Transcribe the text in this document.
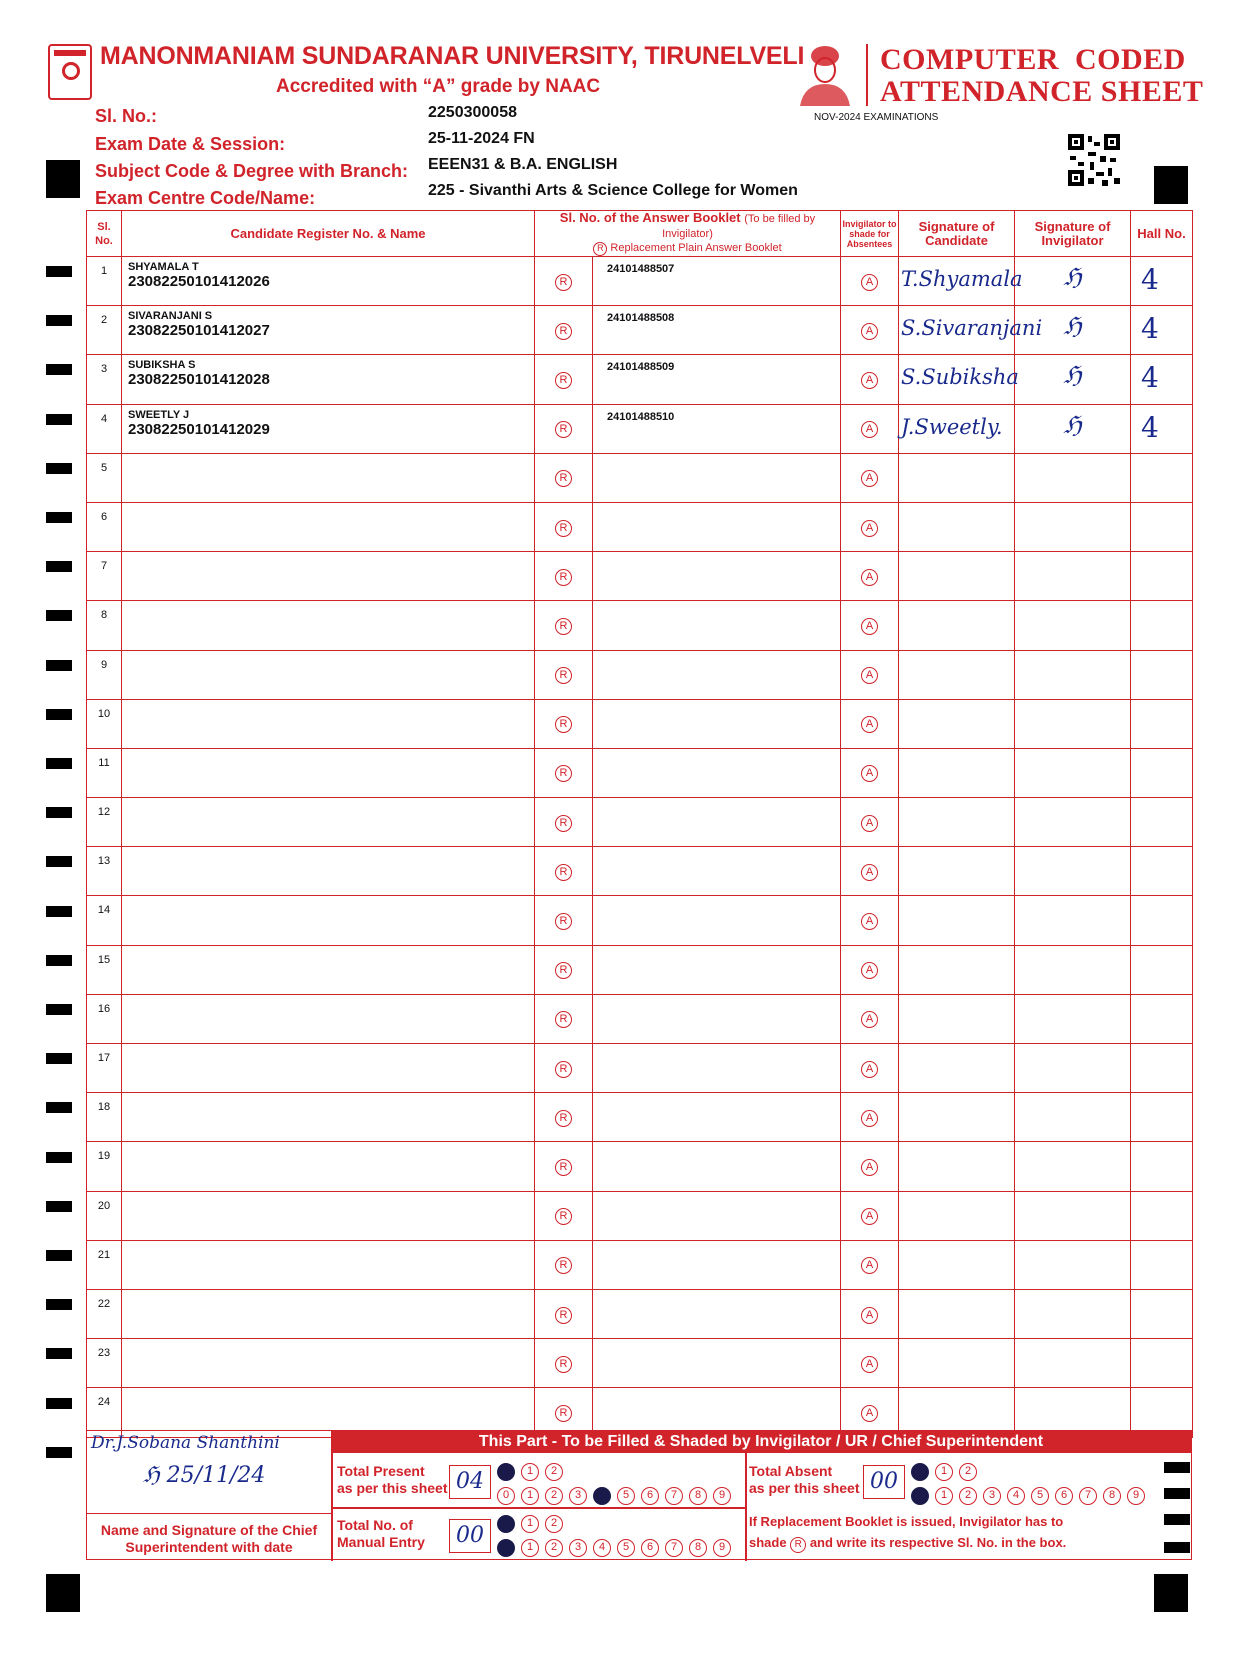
MANONMANIAM SUNDARANAR UNIVERSITY, TIRUNELVELI
Accredited with “A” grade by NAAC
COMPUTER  CODED
ATTENDANCE SHEET
NOV-2024 EXAMINATIONS
Sl. No.:	2250300058
Exam Date & Session:	25-11-2024 FN
Subject Code & Degree with Branch: EEEN31 & B.A. ENGLISH
Exam Centre Code/Name:	225 - Sivanthi Arts & Science College for Women
Sl. No.	Candidate Register No. & Name	Sl. No. of the Answer Booklet (To be filled by Invigilator)
R Replacement Plain Answer Booklet		Invigilator to shade for Absentees	Signature of Candidate	Signature of Invigilator	Hall No.
1	SHYAMALA T
23082250101412026	R	24101488507	A	T.Shyamala	ℌ	4
2	SIVARANJANI S
23082250101412027	R	24101488508	A	S.Sivaranjani	ℌ	4
3	SUBIKSHA S
23082250101412028	R	24101488509	A	S.Subiksha	ℌ	4
4	SWEETLY J
23082250101412029	R	24101488510	A	J.Sweetly.	ℌ	4
5		R		A			
6		R		A			
7		R		A			
8		R		A			
9		R		A			
10		R		A			
11		R		A			
12		R		A			
13		R		A			
14		R		A			
15		R		A			
16		R		A			
17		R		A			
18		R		A			
19		R		A			
20		R		A			
21		R		A			
22		R		A			
23		R		A			
24		R		A			
This Part - To be Filled & Shaded by Invigilator / UR / Chief Superintendent
Dr.J.Sobana Shanthini
ℌ 25/11/24
Name and Signature of the Chief Superintendent with date
Total Present
as per this sheet 04	0	1	2
0	1	2	3	4	5	6	7	8	9
Total Absent
as per this sheet 00	0	1	2
0	1	2	3	4	5	6	7	8	9
Total No. of
Manual Entry	00	0	1	2
0	1	2	3	4	5	6	7	8	9
If Replacement Booklet is issued, Invigilator has to
shade R and write its respective Sl. No. in the box.
